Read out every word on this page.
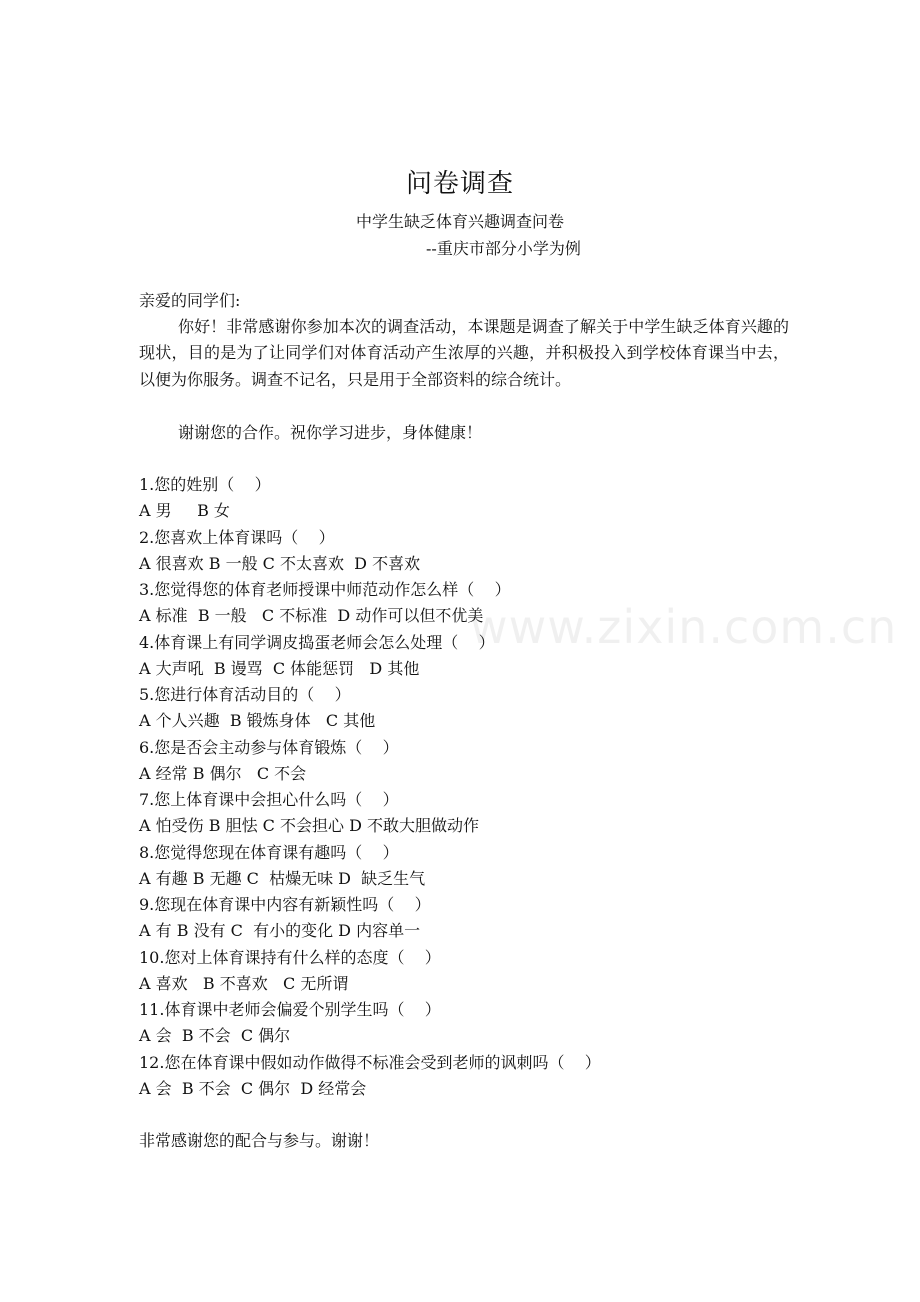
www.zixin.com.cn
问卷调查
中学生缺乏体育兴趣调查问卷
--重庆市部分小学为例
亲爱的同学们:
你好！非常感谢你参加本次的调查活动，本课题是调查了解关于中学生缺乏体育兴趣的现状，目的是为了让同学们对体育活动产生浓厚的兴趣，并积极投入到学校体育课当中去，以便为你服务。调查不记名，只是用于全部资料的综合统计。
谢谢您的合作。祝你学习进步，身体健康！
1.您的姓别（    ）
A 男     B 女
2.您喜欢上体育课吗（    ）
A 很喜欢 B 一般 C 不太喜欢  D 不喜欢
3.您觉得您的体育老师授课中师范动作怎么样（    ）
A 标准  B 一般   C 不标准  D 动作可以但不优美
4.体育课上有同学调皮捣蛋老师会怎么处理（    ）
A 大声吼  B 谩骂  C 体能惩罚   D 其他
5.您进行体育活动目的（    ）
A 个人兴趣  B 锻炼身体   C 其他
6.您是否会主动参与体育锻炼（    ）
A 经常 B 偶尔   C 不会
7.您上体育课中会担心什么吗（    ）
A 怕受伤 B 胆怯 C 不会担心 D 不敢大胆做动作
8.您觉得您现在体育课有趣吗（    ）
A 有趣 B 无趣 C  枯燥无味 D  缺乏生气
9.您现在体育课中内容有新颖性吗（    ）
A 有 B 没有 C  有小的变化 D 内容单一
10.您对上体育课持有什么样的态度（    ）
A 喜欢   B 不喜欢   C 无所谓
11.体育课中老师会偏爱个别学生吗（    ）
A 会  B 不会  C 偶尔
12.您在体育课中假如动作做得不标准会受到老师的讽刺吗（    ）
A 会  B 不会  C 偶尔  D 经常会
非常感谢您的配合与参与。谢谢！
